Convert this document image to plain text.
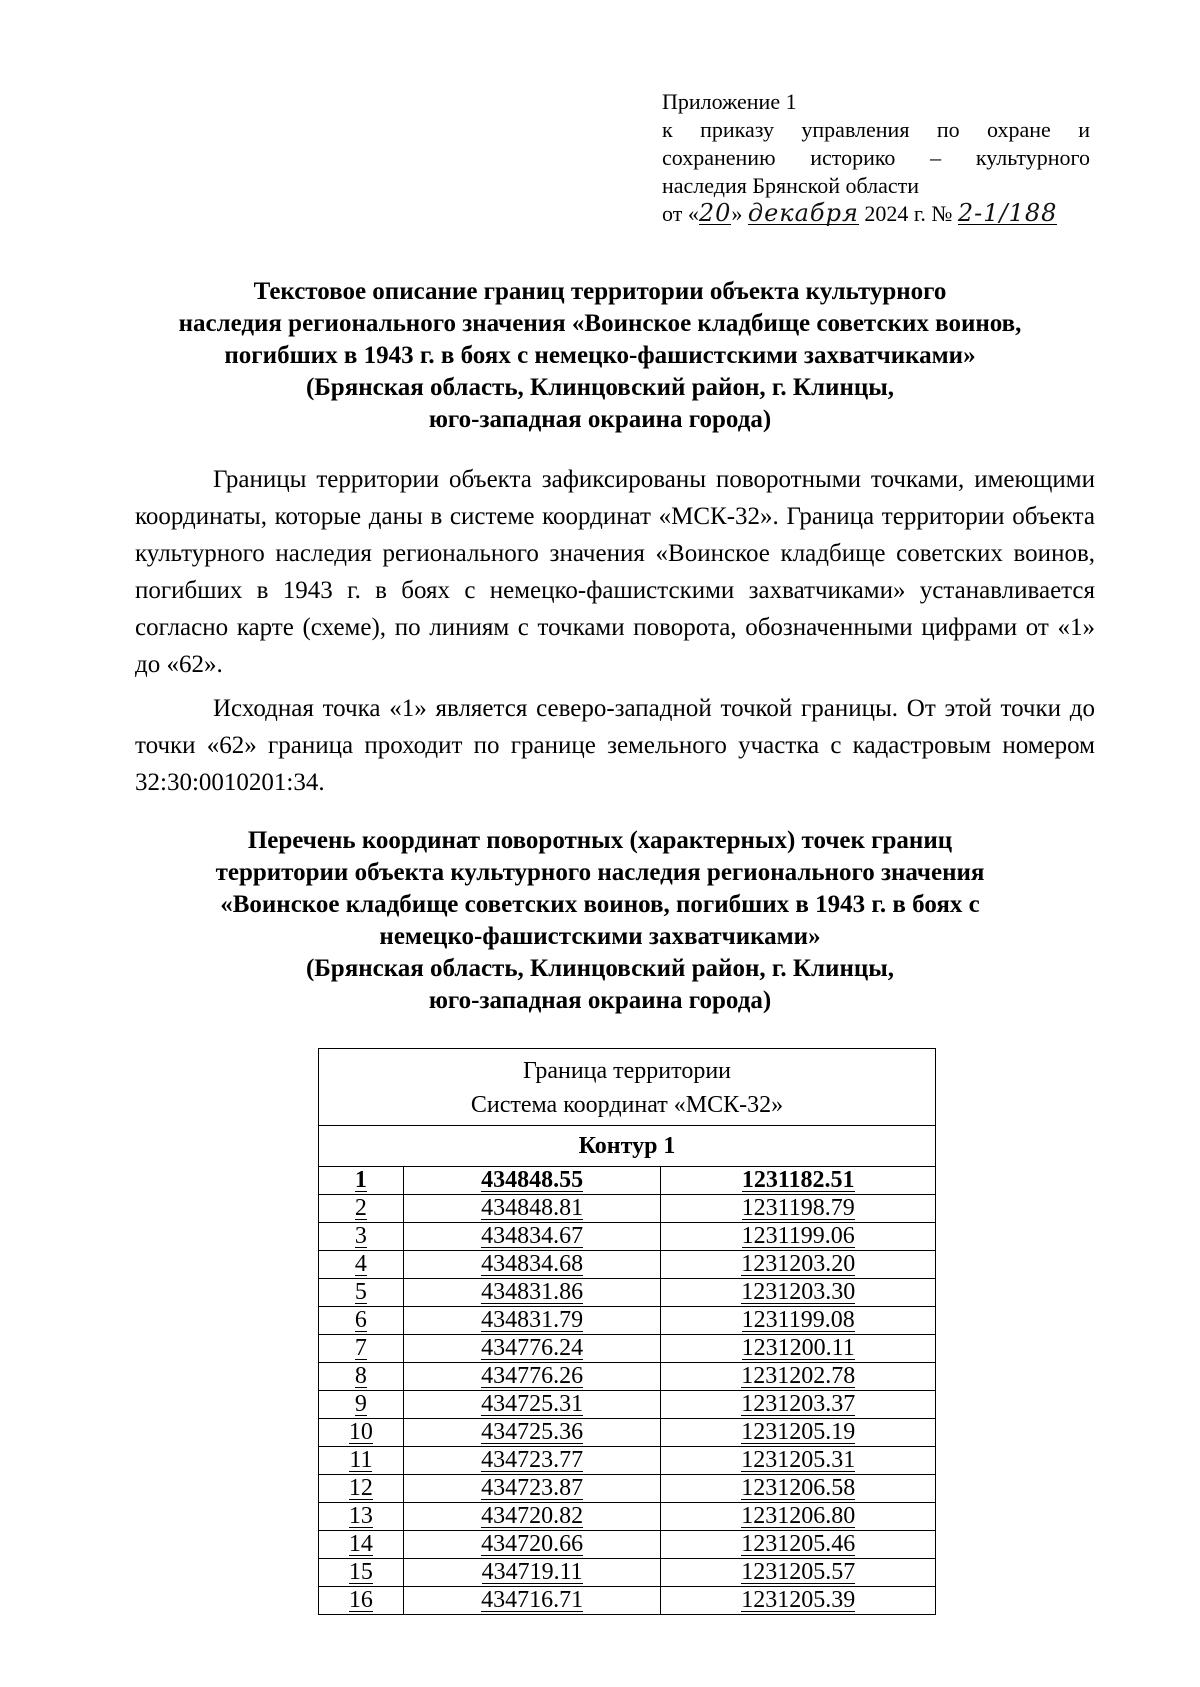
Приложение 1
к приказу управления по охране и
сохранению историко – культурного
наследия Брянской области
от «20» декабря 2024 г. № 2-1/188
Текстовое описание границ территории объекта культурного
наследия регионального значения «Воинское кладбище советских воинов,
погибших в 1943 г. в боях с немецко-фашистскими захватчиками»
(Брянская область, Клинцовский район, г. Клинцы,
юго-западная окраина города)

Границы территории объекта зафиксированы поворотными точками, имеющими координаты, которые даны в системе координат «МСК-32». Граница территории объекта культурного наследия регионального значения «Воинское кладбище советских воинов, погибших в 1943 г. в боях с немецко-фашистскими захватчиками» устанавливается согласно карте (схеме), по линиям с точками поворота, обозначенными цифрами от «1» до «62».

Исходная точка «1» является северо-западной точкой границы. От этой точки до точки «62» граница проходит по границе земельного участка с кадастровым номером 32:30:0010201:34.

Перечень координат поворотных (характерных) точек границ
территории объекта культурного наследия регионального значения
«Воинское кладбище советских воинов, погибших в 1943 г. в боях с
немецко-фашистскими захватчиками»
(Брянская область, Клинцовский район, г. Клинцы,
юго-западная окраина города)
Граница территории
Система координат «МСК-32»		

Контур 1		
1	434848.55	1231182.51
2	434848.81	1231198.79
3	434834.67	1231199.06
4	434834.68	1231203.20
5	434831.86	1231203.30
6	434831.79	1231199.08
7	434776.24	1231200.11
8	434776.26	1231202.78
9	434725.31	1231203.37
10	434725.36	1231205.19
11	434723.77	1231205.31
12	434723.87	1231206.58
13	434720.82	1231206.80
14	434720.66	1231205.46
15	434719.11	1231205.57
16	434716.71	1231205.39
